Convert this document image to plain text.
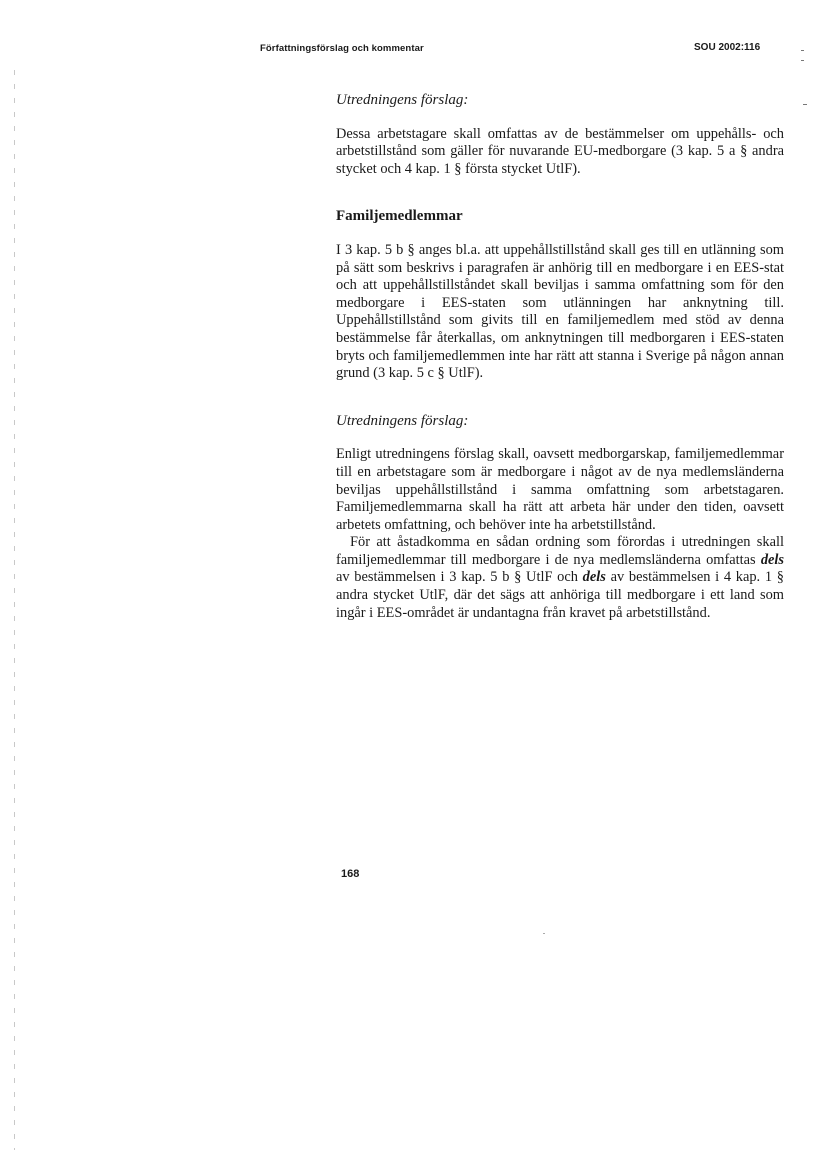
Författningsförslag och kommentar	SOU 2002:116

Utredningens förslag:

Dessa arbetstagare skall omfattas av de bestämmelser om uppehålls- och arbetstillstånd som gäller för nuvarande EU-medborgare (3 kap. 5 a § andra stycket och 4 kap. 1 § första stycket UtlF).

Familjemedlemmar

I 3 kap. 5 b § anges bl.a. att uppehållstillstånd skall ges till en utlänning som på sätt som beskrivs i paragrafen är anhörig till en medborgare i en EES-stat och att uppehållstillståndet skall beviljas i samma omfattning som för den medborgare i EES-staten som utlänningen har anknytning till. Uppehållstillstånd som givits till en familjemedlem med stöd av denna bestämmelse får återkallas, om anknytningen till medborgaren i EES-staten bryts och familjemedlemmen inte har rätt att stanna i Sverige på någon annan grund (3 kap. 5 c § UtlF).

Utredningens förslag:

Enligt utredningens förslag skall, oavsett medborgarskap, familjemedlemmar till en arbetstagare som är medborgare i något av de nya medlemsländerna beviljas uppehållstillstånd i samma omfattning som arbetstagaren. Familjemedlemmarna skall ha rätt att arbeta här under den tiden, oavsett arbetets omfattning, och behöver inte ha arbetstillstånd.

För att åstadkomma en sådan ordning som förordas i utredningen skall familjemedlemmar till medborgare i de nya medlemsländerna omfattas dels av bestämmelsen i 3 kap. 5 b § UtlF och dels av bestämmelsen i 4 kap. 1 § andra stycket UtlF, där det sägs att anhöriga till medborgare i ett land som ingår i EES-området är undantagna från kravet på arbetstillstånd.

168
